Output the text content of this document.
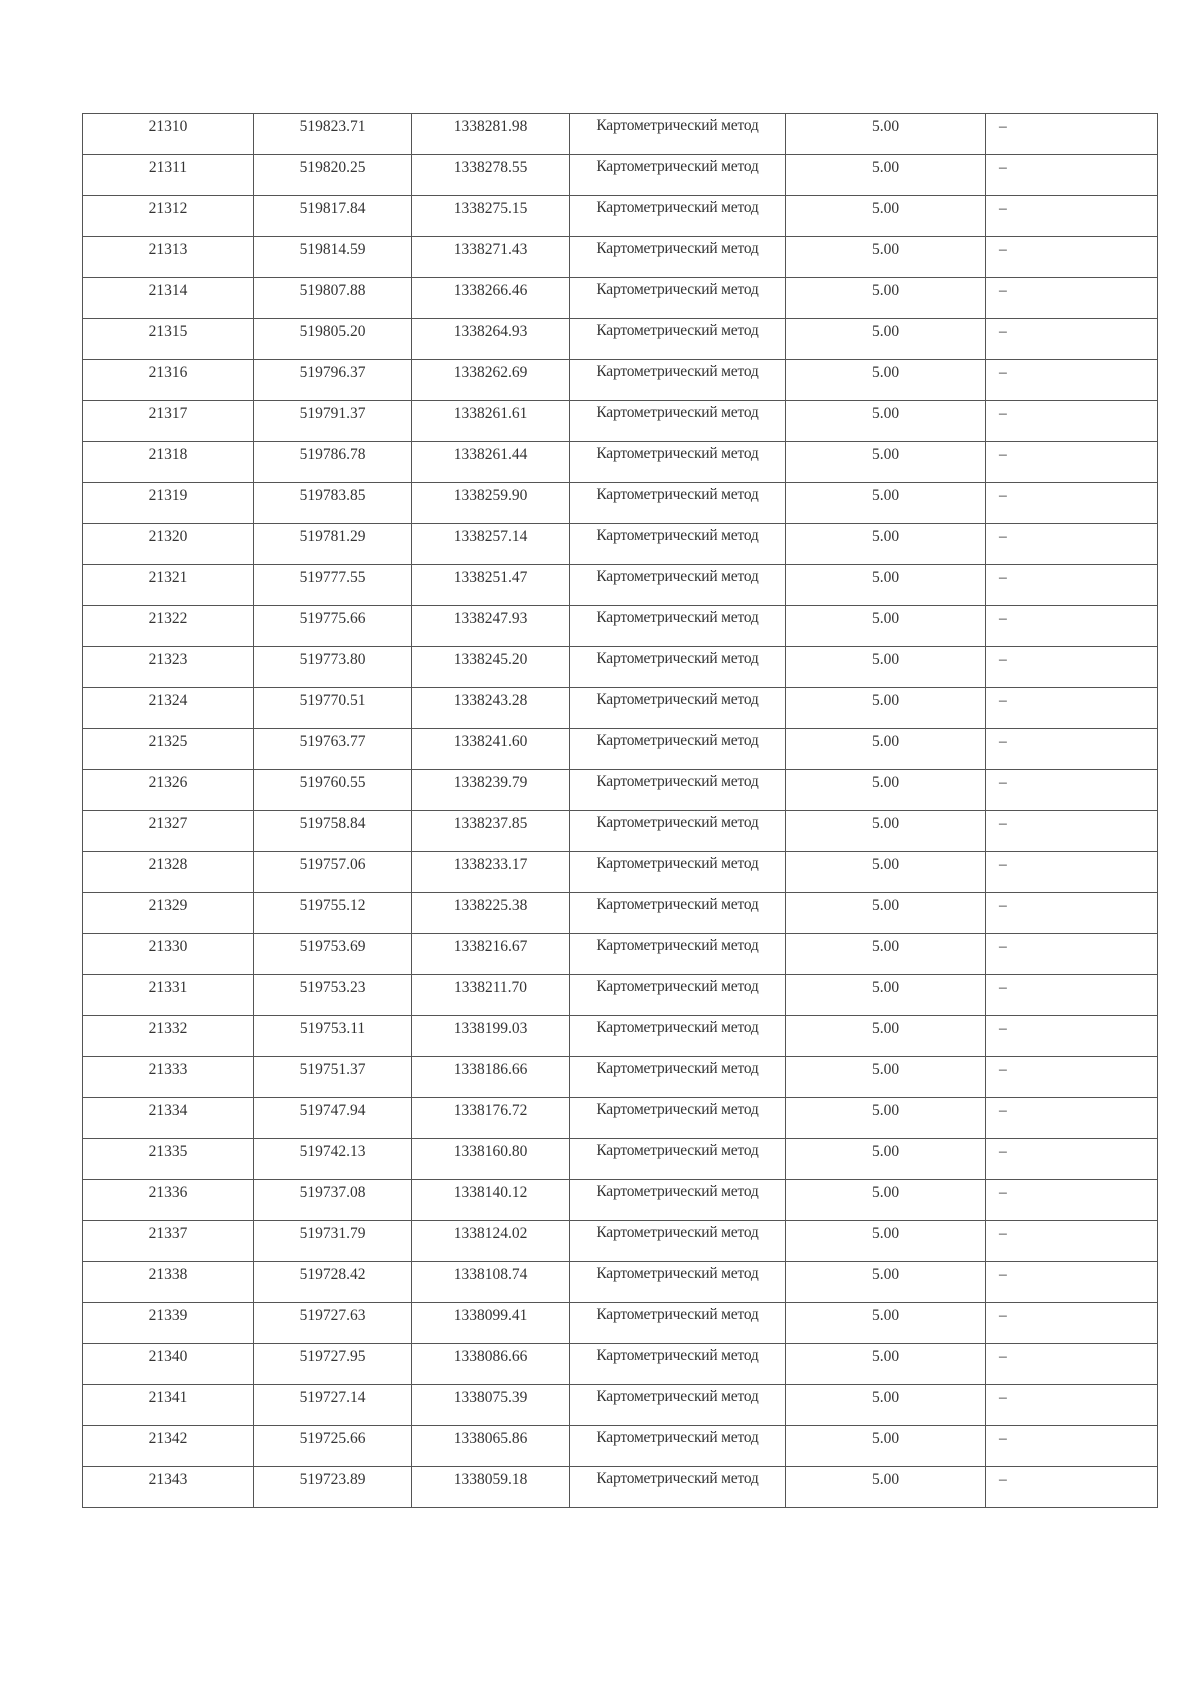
21310	519823.71	1338281.98	Картометрический метод	5.00	–

21311	519820.25	1338278.55	Картометрический метод	5.00	–

21312	519817.84	1338275.15	Картометрический метод	5.00	–

21313	519814.59	1338271.43	Картометрический метод	5.00	–

21314	519807.88	1338266.46	Картометрический метод	5.00	–

21315	519805.20	1338264.93	Картометрический метод	5.00	–

21316	519796.37	1338262.69	Картометрический метод	5.00	–

21317	519791.37	1338261.61	Картометрический метод	5.00	–

21318	519786.78	1338261.44	Картометрический метод	5.00	–

21319	519783.85	1338259.90	Картометрический метод	5.00	–

21320	519781.29	1338257.14	Картометрический метод	5.00	–

21321	519777.55	1338251.47	Картометрический метод	5.00	–

21322	519775.66	1338247.93	Картометрический метод	5.00	–

21323	519773.80	1338245.20	Картометрический метод	5.00	–

21324	519770.51	1338243.28	Картометрический метод	5.00	–

21325	519763.77	1338241.60	Картометрический метод	5.00	–

21326	519760.55	1338239.79	Картометрический метод	5.00	–

21327	519758.84	1338237.85	Картометрический метод	5.00	–

21328	519757.06	1338233.17	Картометрический метод	5.00	–

21329	519755.12	1338225.38	Картометрический метод	5.00	–

21330	519753.69	1338216.67	Картометрический метод	5.00	–

21331	519753.23	1338211.70	Картометрический метод	5.00	–

21332	519753.11	1338199.03	Картометрический метод	5.00	–

21333	519751.37	1338186.66	Картометрический метод	5.00	–

21334	519747.94	1338176.72	Картометрический метод	5.00	–

21335	519742.13	1338160.80	Картометрический метод	5.00	–

21336	519737.08	1338140.12	Картометрический метод	5.00	–

21337	519731.79	1338124.02	Картометрический метод	5.00	–

21338	519728.42	1338108.74	Картометрический метод	5.00	–

21339	519727.63	1338099.41	Картометрический метод	5.00	–

21340	519727.95	1338086.66	Картометрический метод	5.00	–

21341	519727.14	1338075.39	Картометрический метод	5.00	–

21342	519725.66	1338065.86	Картометрический метод	5.00	–

21343	519723.89	1338059.18	Картометрический метод	5.00	–
